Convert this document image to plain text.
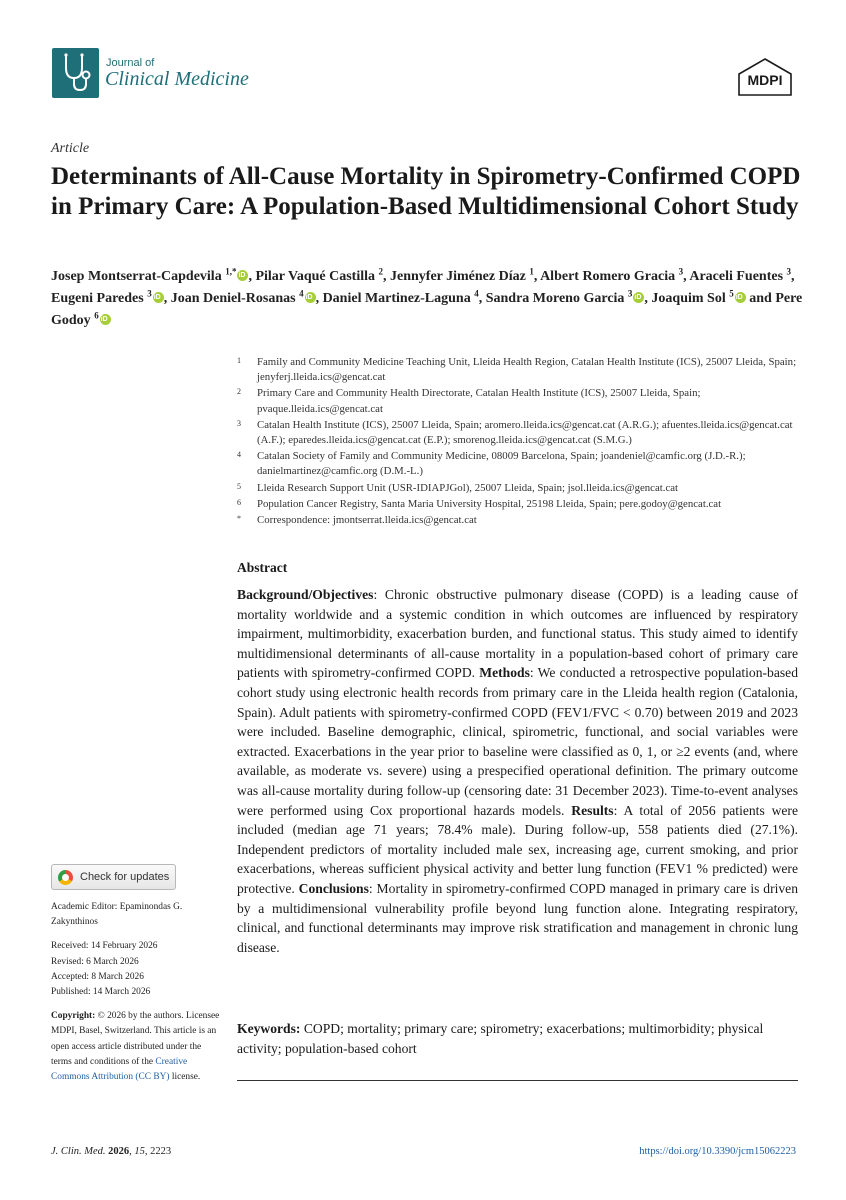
Journal of
Clinical Medicine	MDPI
Article
Determinants of All-Cause Mortality in Spirometry-Confirmed COPD in Primary Care: A Population-Based Multidimensional Cohort Study
Josep Montserrat-Capdevila $^{1,*}$ iD , Pilar Vaqué Castilla $^2$, Jennyfer Jiménez Díaz $^1$, Albert Romero Gracia $^3$, Araceli Fuentes $^3$, Eugeni Paredes $^3$ iD , Joan Deniel-Rosanas $^4$ iD , Daniel Martinez-Laguna $^4$, Sandra Moreno Garcia $^3$ iD , Joaquim Sol $^5$ iD and Pere Godoy $^6$iD
1 Family and Community Medicine Teaching Unit, Lleida Health Region, Catalan Health Institute (ICS), 25007 Lleida, Spain; jenyferj.lleida.ics@gencat.cat
2 Primary Care and Community Health Directorate, Catalan Health Institute (ICS), 25007 Lleida, Spain; pvaque.lleida.ics@gencat.cat
3 Catalan Health Institute (ICS), 25007 Lleida, Spain; aromero.lleida.ics@gencat.cat (A.R.G.); afuentes.lleida.ics@gencat.cat (A.F.); eparedes.lleida.ics@gencat.cat (E.P.); smorenog.lleida.ics@gencat.cat (S.M.G.)
4 Catalan Society of Family and Community Medicine, 08009 Barcelona, Spain; joandeniel@camfic.org (J.D.-R.); danielmartinez@camfic.org (D.M.-L.)
5 Lleida Research Support Unit (USR-IDIAPJGol), 25007 Lleida, Spain; jsol.lleida.ics@gencat.cat
6 Population Cancer Registry, Santa Maria University Hospital, 25198 Lleida, Spain; pere.godoy@gencat.cat
* Correspondence: jmontserrat.lleida.ics@gencat.cat
Abstract
Background/Objectives: Chronic obstructive pulmonary disease (COPD) is a leading cause of mortality worldwide and a systemic condition in which outcomes are influenced by respiratory impairment, multimorbidity, exacerbation burden, and functional status. This study aimed to identify multidimensional determinants of all-cause mortality in a population-based cohort of primary care patients with spirometry-confirmed COPD. Methods: We conducted a retrospective population-based cohort study using electronic health records from primary care in the Lleida health region (Catalonia, Spain). Adult patients with spirometry-confirmed COPD (FEV1/FVC < 0.70) between 2019 and 2023 were included. Baseline demographic, clinical, spirometric, functional, and social variables were extracted. Exacerbations in the year prior to baseline were classified as 0, 1, or ≥2 events (and, where available, as moderate vs. severe) using a prespecified operational definition. The primary outcome was all-cause mortality during follow-up (censoring date: 31 December 2023). Time-to-event analyses were performed using Cox proportional hazards models. Results: A total of 2056 patients were included (median age 71 years; 78.4% male). During follow-up, 558 patients died (27.1%). Independent predictors of mortality included male sex, increasing age, current smoking, and prior exacerbations, whereas sufficient physical activity and better lung function (FEV1 % predicted) were protective. Conclusions: Mortality in spirometry-confirmed COPD managed in primary care is driven by a multidimensional vulnerability profile beyond lung function alone. Integrating respiratory, clinical, and functional determinants may improve risk stratification and management in chronic lung disease.
Keywords: COPD; mortality; primary care; spirometry; exacerbations; multimorbidity; physical activity; population-based cohort
Check for updates
Academic Editor: Epaminondas G. Zakynthinos
Received: 14 February 2026
Revised: 6 March 2026
Accepted: 8 March 2026
Published: 14 March 2026
Copyright: © 2026 by the authors. Licensee MDPI, Basel, Switzerland. This article is an open access article distributed under the terms and conditions of the Creative Commons Attribution (CC BY) license.
J. Clin. Med. 2026, 15, 2223	https://doi.org/10.3390/jcm15062223
